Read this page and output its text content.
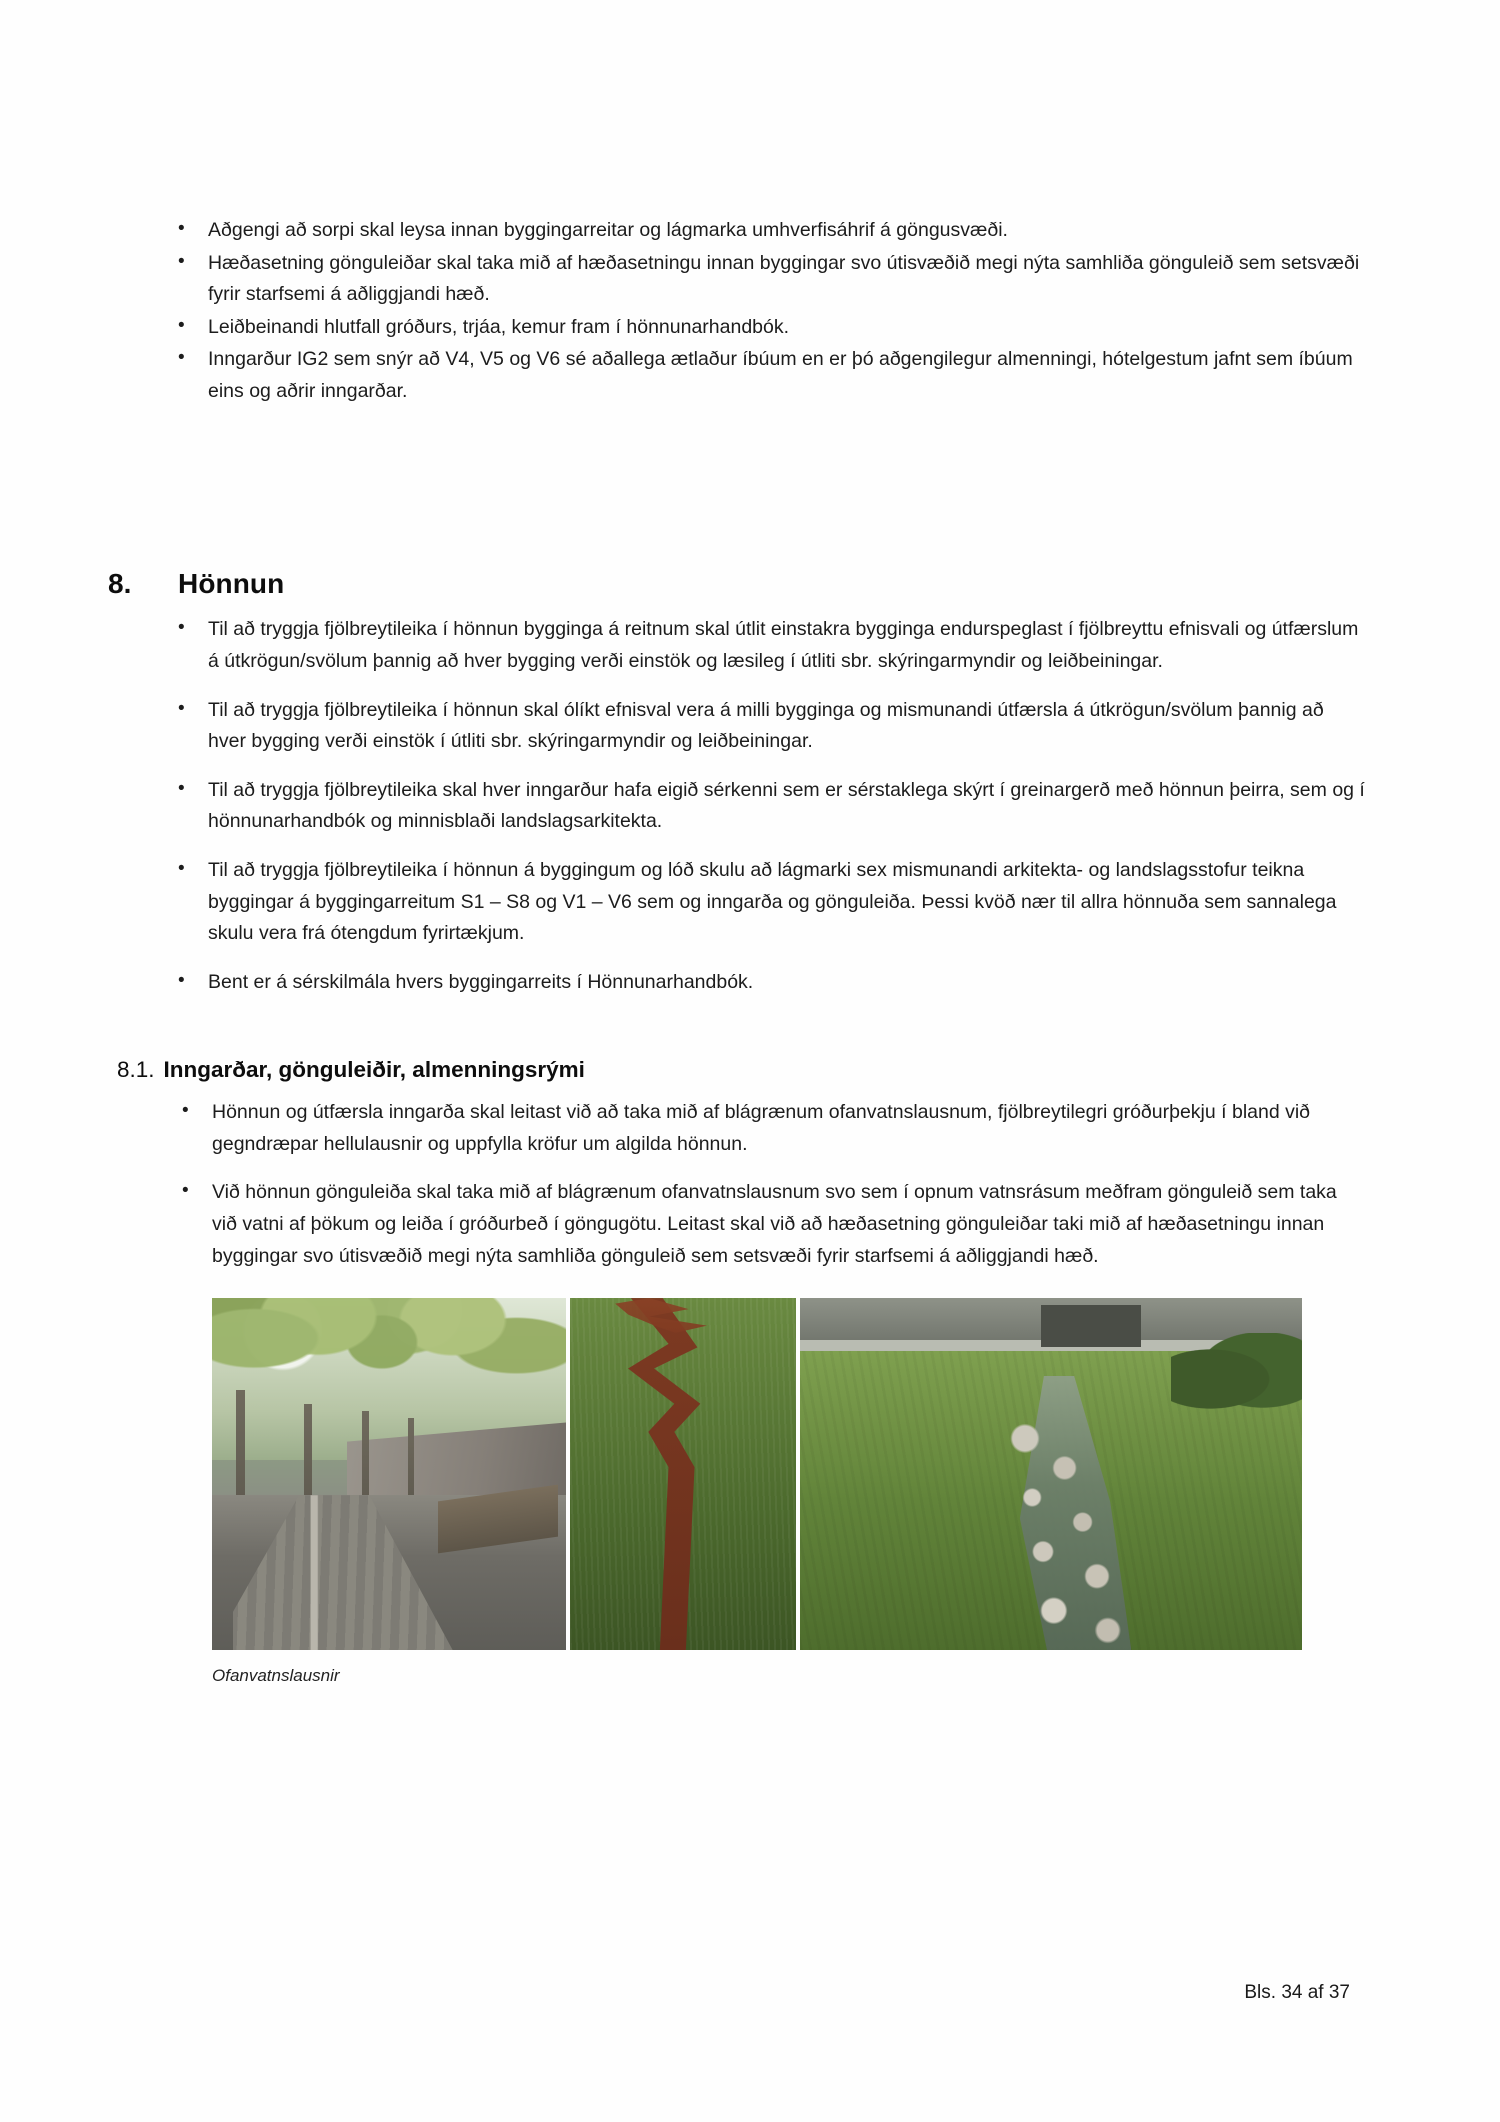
• Aðgengi að sorpi skal leysa innan byggingarreitar og lágmarka umhverfisáhrif á göngusvæði.
• Hæðasetning gönguleiðar skal taka mið af hæðasetningu innan byggingar svo útisvæðið megi nýta samhliða gönguleið sem setsvæði fyrir starfsemi á aðliggjandi hæð.
• Leiðbeinandi hlutfall gróðurs, trjáa, kemur fram í hönnunarhandbók.
• Inngarður IG2 sem snýr að V4, V5 og V6 sé aðallega ætlaður íbúum en er þó aðgengilegur almenningi, hótelgestum jafnt sem íbúum eins og aðrir inngarðar.
8.	Hönnun
• Til að tryggja fjölbreytileika í hönnun bygginga á reitnum skal útlit einstakra bygginga endurspeglast í fjölbreyttu efnisvali og útfærslum á útkrögun/svölum þannig að hver bygging verði einstök og læsileg í útliti sbr. skýringarmyndir og leiðbeiningar.
• Til að tryggja fjölbreytileika í hönnun skal ólíkt efnisval vera á milli bygginga og mismunandi útfærsla á útkrögun/svölum þannig að hver bygging verði einstök í útliti sbr. skýringarmyndir og leiðbeiningar.
• Til að tryggja fjölbreytileika skal hver inngarður hafa eigið sérkenni sem er sérstaklega skýrt í greinargerð með hönnun þeirra, sem og í hönnunarhandbók og minnisblaði landslagsarkitekta.
• Til að tryggja fjölbreytileika í hönnun á byggingum og lóð skulu að lágmarki sex mismunandi arkitekta- og landslagsstofur teikna byggingar á byggingarreitum S1 – S8 og V1 – V6 sem og inngarða og gönguleiða. Þessi kvöð nær til allra hönnuða sem sannalega skulu vera frá ótengdum fyrirtækjum.
• Bent er á sérskilmála hvers byggingarreits í Hönnunarhandbók.
8.1. Inngarðar, gönguleiðir, almenningsrými
• Hönnun og útfærsla inngarða skal leitast við að taka mið af blágrænum ofanvatnslausnum, fjölbreytilegri gróðurþekju í bland við gegndræpar hellulausnir og uppfylla kröfur um algilda hönnun.
• Við hönnun gönguleiða skal taka mið af blágrænum ofanvatnslausnum svo sem í opnum vatnsrásum meðfram gönguleið sem taka við vatni af þökum og leiða í gróðurbeð í göngugötu. Leitast skal við að hæðasetning gönguleiðar taki mið af hæðasetningu innan byggingar svo útisvæðið megi nýta samhliða gönguleið sem setsvæði fyrir starfsemi á aðliggjandi hæð.
Ofanvatnslausnir
Bls. 34 af 37
